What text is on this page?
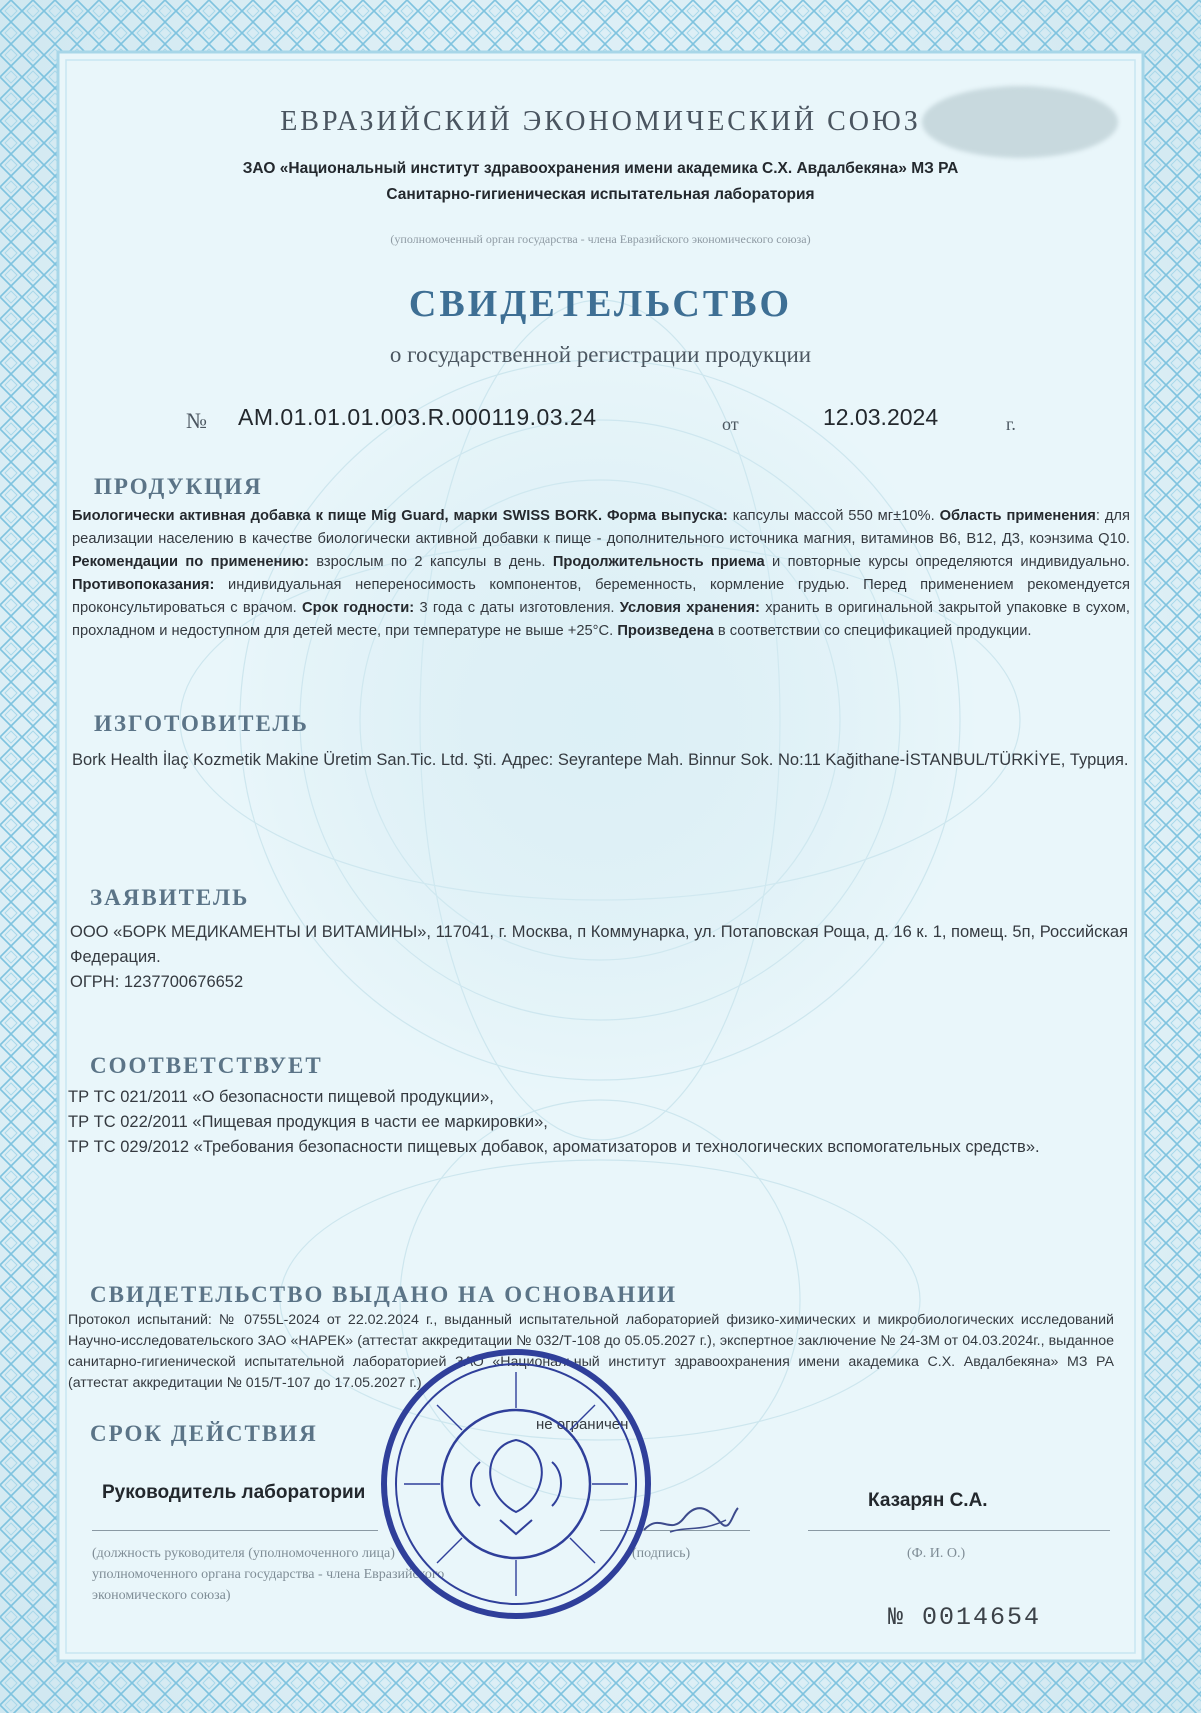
ЕВРАЗИЙСКИЙ ЭКОНОМИЧЕСКИЙ СОЮЗ
ЗАО «Национальный институт здравоохранения имени академика С.Х. Авдалбекяна» МЗ РА
Санитарно-гигиеническая испытательная лаборатория
(уполномоченный орган государства - члена Евразийского экономического союза)
СВИДЕТЕЛЬСТВО
о государственной регистрации продукции
№ AM.01.01.01.003.R.000119.03.24	от	12.03.2024	г.
ПРОДУКЦИЯ
Биологически активная добавка к пище Mig Guard, марки SWISS BORK. Форма выпуска: капсулы массой 550 мг±10%. Область применения: для реализации населению в качестве биологически активной добавки к пище - дополнительного источника магния, витаминов В6, В12, Д3, коэнзима Q10. Рекомендации по применению: взрослым по 2 капсулы в день. Продолжительность приема и повторные курсы определяются индивидуально. Противопоказания: индивидуальная непереносимость компонентов, беременность, кормление грудью. Перед применением рекомендуется проконсультироваться с врачом. Срок годности: 3 года с даты изготовления. Условия хранения: хранить в оригинальной закрытой упаковке в сухом, прохладном и недоступном для детей месте, при температуре не выше +25°С. Произведена в соответствии со спецификацией продукции.
ИЗГОТОВИТЕЛЬ
Bork Health İlaç Kozmetik Makine Üretim San.Tic. Ltd. Şti. Адрес: Seyrantepe Mah. Binnur Sok. No:11 Kağithane-İSTANBUL/TÜRKİYE, Турция.
ЗАЯВИТЕЛЬ
ООО «БОРК МЕДИКАМЕНТЫ И ВИТАМИНЫ», 117041, г. Москва, п Коммунарка, ул. Потаповская Роща, д. 16 к. 1, помещ. 5п, Российская Федерация.
ОГРН: 1237700676652
СООТВЕТСТВУЕТ
ТР ТС 021/2011 «О безопасности пищевой продукции»,
ТР ТС 022/2011 «Пищевая продукция в части ее маркировки»,
ТР ТС 029/2012 «Требования безопасности пищевых добавок, ароматизаторов и технологических вспомогательных средств».
СВИДЕТЕЛЬСТВО ВЫДАНО НА ОСНОВАНИИ
Протокол испытаний: № 0755L-2024 от 22.02.2024 г., выданный испытательной лабораторией физико-химических и микробиологических исследований Научно-исследовательского ЗАО «НАРЕК» (аттестат аккредитации № 032/Т-108 до 05.05.2027 г.), экспертное заключение № 24-3М от 04.03.2024г., выданное санитарно-гигиенической испытательной лабораторией ЗАО «Национальный институт здравоохранения имени академика С.Х. Авдалбекяна» МЗ РА (аттестат аккредитации № 015/Т-107 до 17.05.2027 г.)
СРОК ДЕЙСТВИЯ	не ограничен
Руководитель лаборатории	Казарян С.А.
(должность руководителя (уполномоченного лица) уполномоченного органа государства - члена Евразийского экономического союза)
(подпись)	(Ф. И. О.)
№ 0014654
